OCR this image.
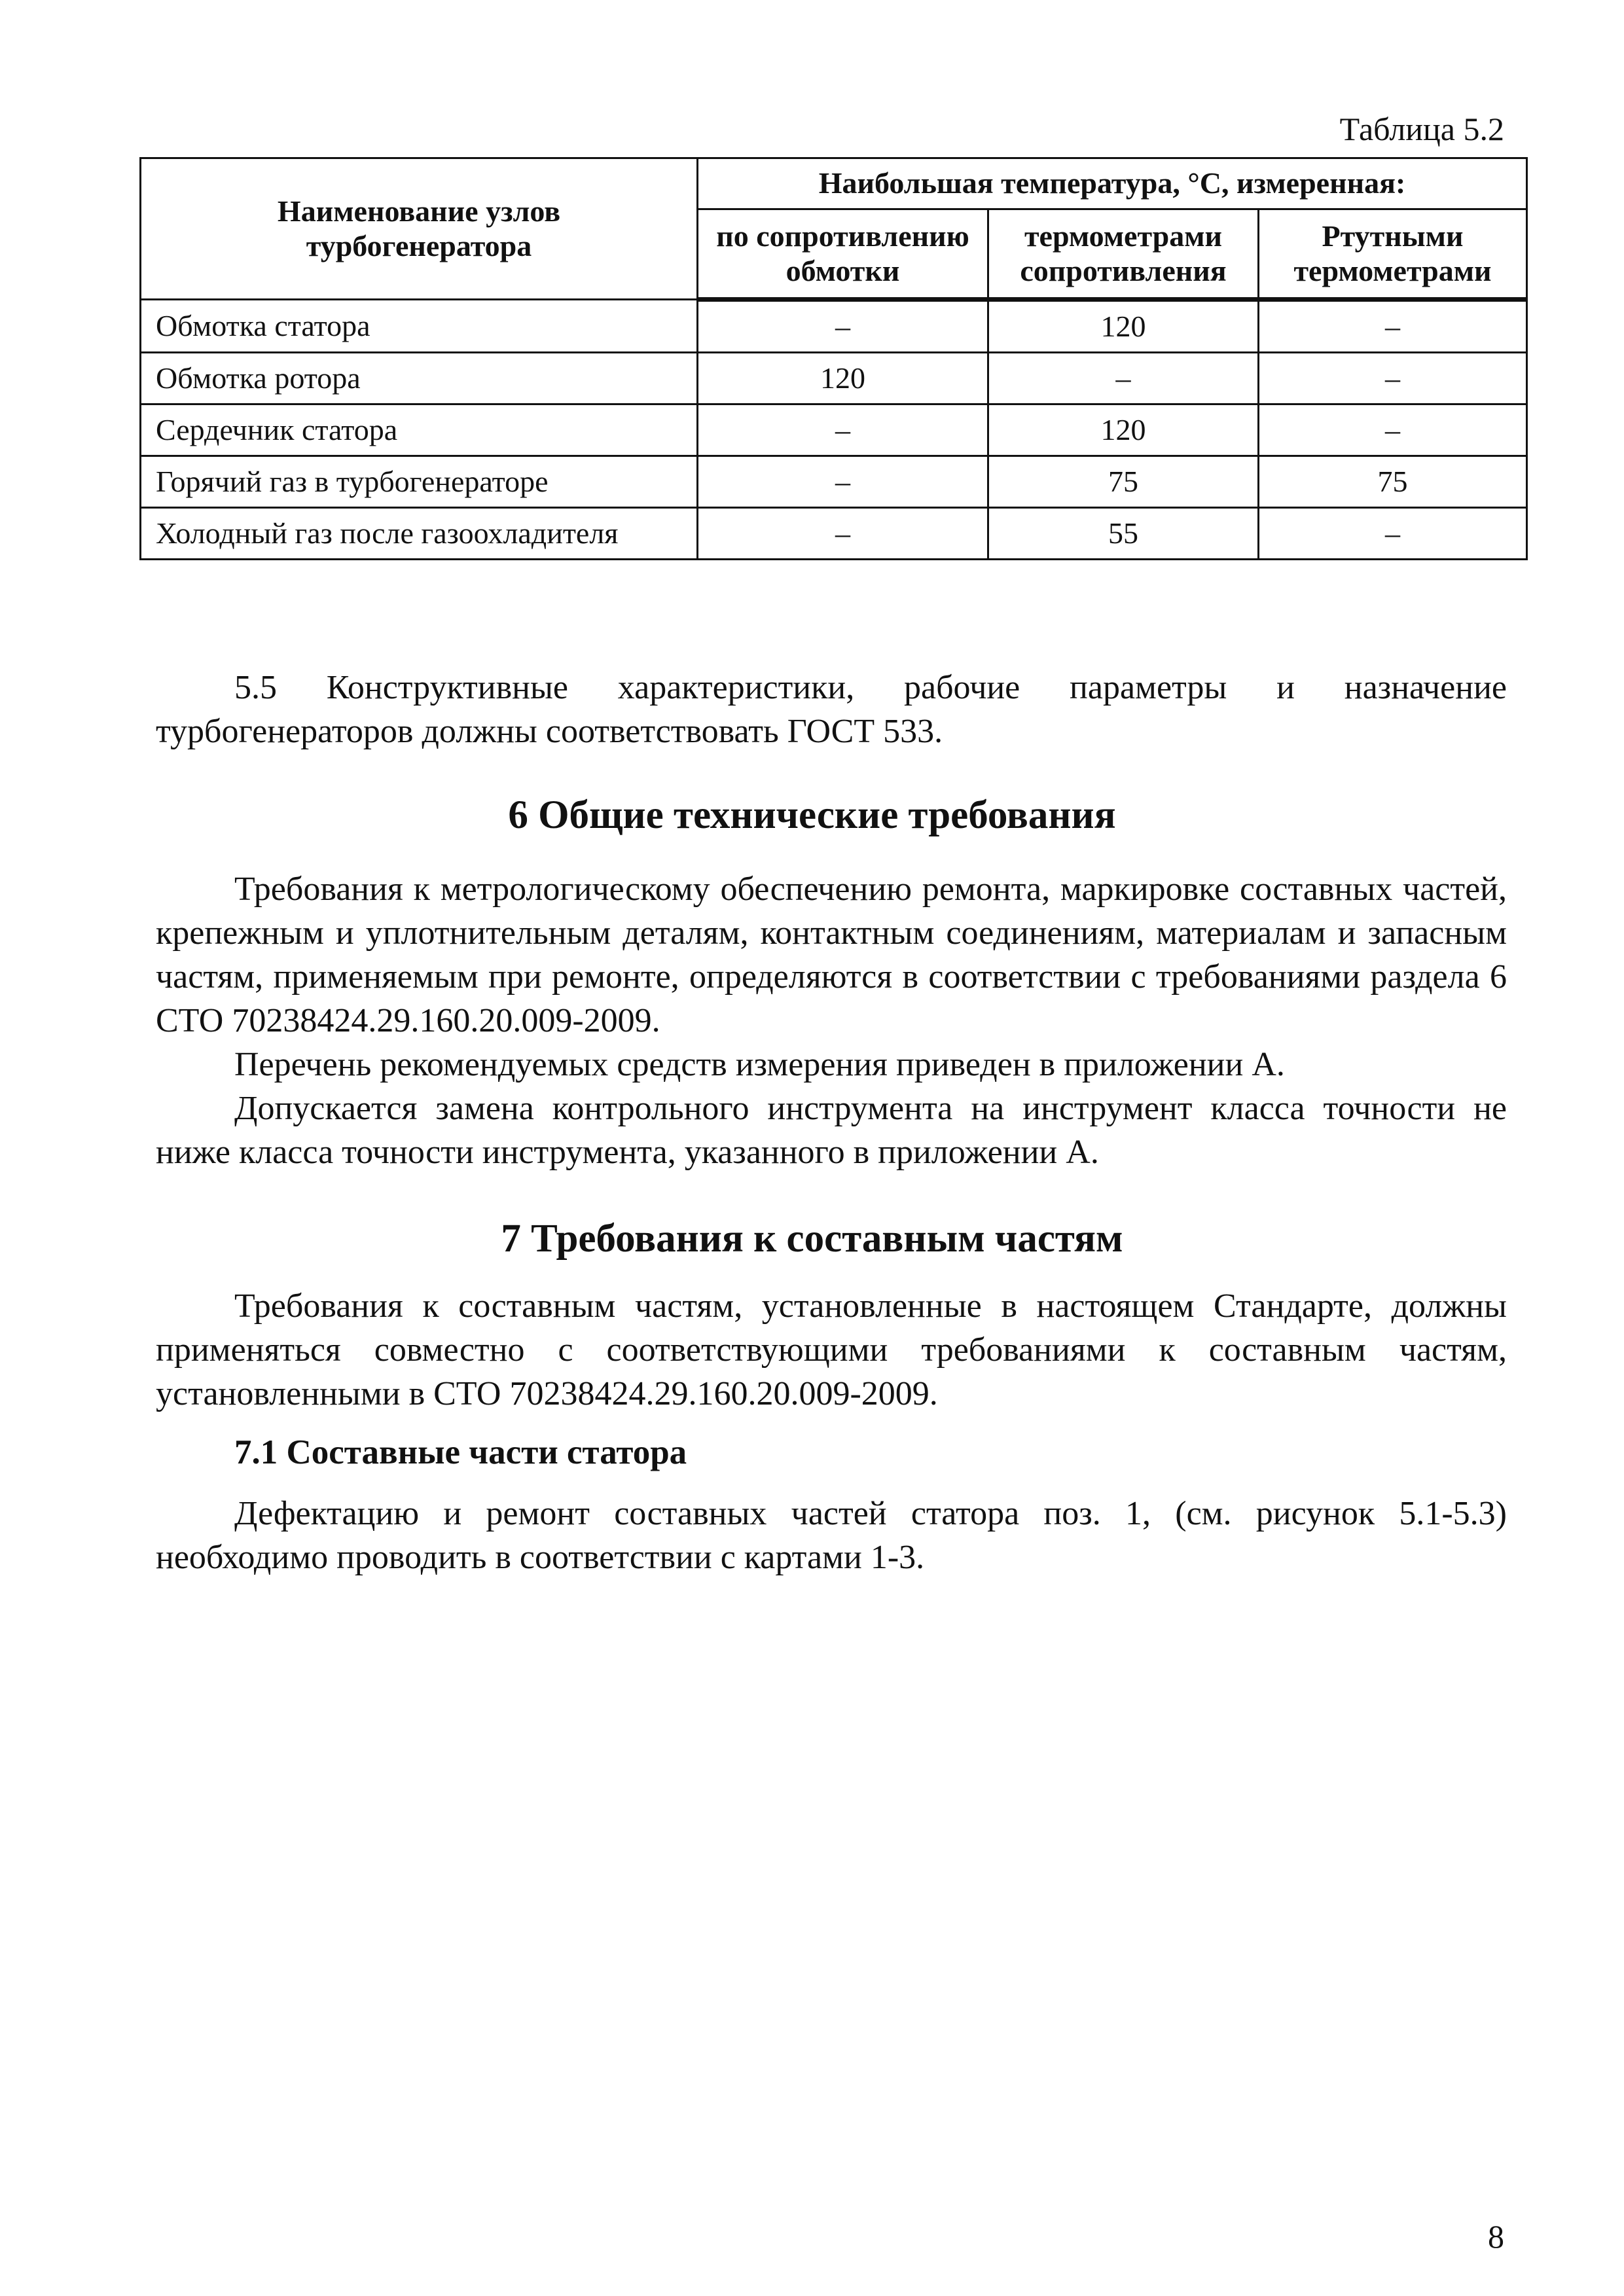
Таблица 5.2
Наименование узлов турбогенератора	Наибольшая температура, °С, измеренная:		
	по сопротивлению обмотки	термометрами сопротивления	Ртутными термометрами
Обмотка статора	–	120	–
Обмотка ротора	120	–	–
Сердечник статора	–	120	–
Горячий газ в турбогенераторе	–	75	75
Холодный газ после газоохладителя	–	55	–

5.5 Конструктивные характеристики, рабочие параметры и назначение турбогенераторов должны соответствовать ГОСТ 533.

6 Общие технические требования

Требования к метрологическому обеспечению ремонта, маркировке составных частей, крепежным и уплотнительным деталям, контактным соединениям, материалам и запасным частям, применяемым при ремонте, определяются в соответствии с требованиями раздела 6 СТО 70238424.29.160.20.009-2009.

Перечень рекомендуемых средств измерения приведен в приложении А.

Допускается замена контрольного инструмента на инструмент класса точности не ниже класса точности инструмента, указанного в приложении А.

7 Требования к составным частям

Требования к составным частям, установленные в настоящем Стандарте, должны применяться совместно с соответствующими требованиями к составным частям, установленными в СТО 70238424.29.160.20.009-2009.

7.1 Составные части статора

Дефектацию и ремонт составных частей статора поз. 1, (см. рисунок 5.1-5.3) необходимо проводить в соответствии с картами 1-3.

8
